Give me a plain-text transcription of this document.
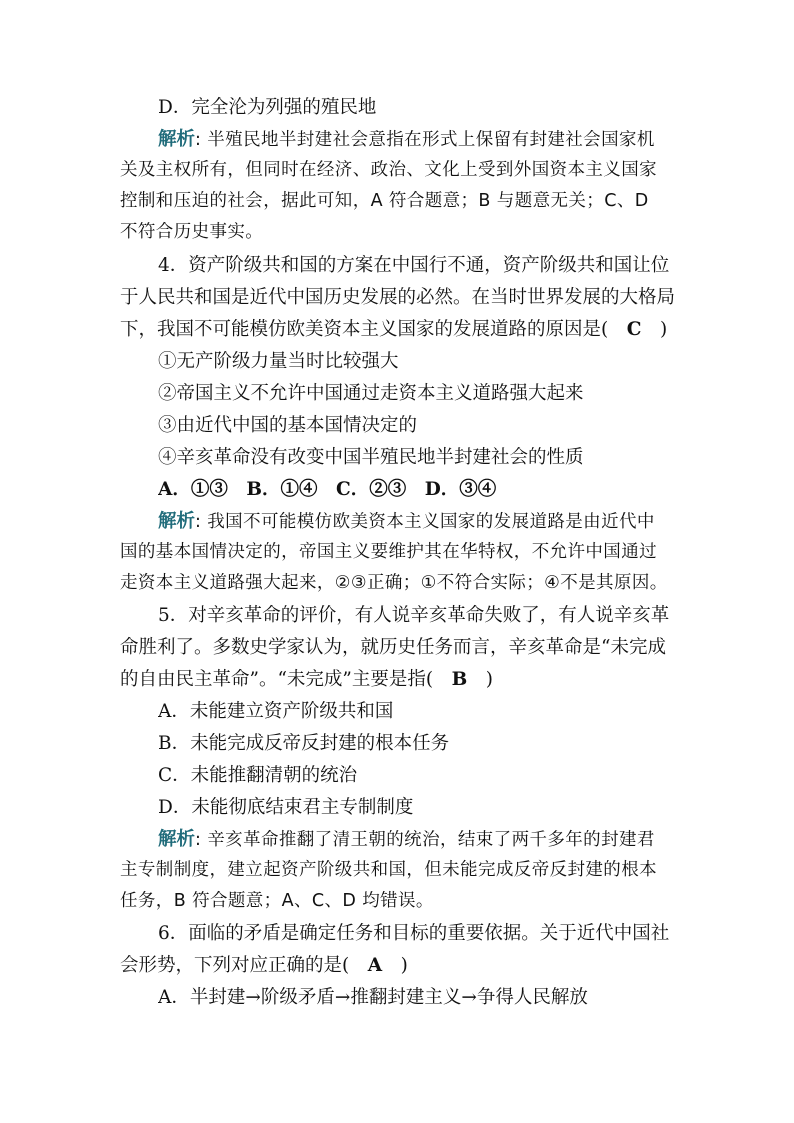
D．完全沦为列强的殖民地
解析: 半殖民地半封建社会意指在形式上保留有封建社会国家机
关及主权所有，但同时在经济、政治、文化上受到外国资本主义国家
控制和压迫的社会，据此可知，A 符合题意；B 与题意无关；C、D
不符合历史事实。
4．资产阶级共和国的方案在中国行不通，资产阶级共和国让位
于人民共和国是近代中国历史发展的必然。在当时世界发展的大格局
下，我国不可能模仿欧美资本主义国家的发展道路的原因是(　C　)
①无产阶级力量当时比较强大
②帝国主义不允许中国通过走资本主义道路强大起来
③由近代中国的基本国情决定的
④辛亥革命没有改变中国半殖民地半封建社会的性质
A．①③　B．①④　C．②③　D．③④
解析: 我国不可能模仿欧美资本主义国家的发展道路是由近代中
国的基本国情决定的，帝国主义要维护其在华特权，不允许中国通过
走资本主义道路强大起来，②③正确；①不符合实际；④不是其原因。
5．对辛亥革命的评价，有人说辛亥革命失败了，有人说辛亥革
命胜利了。多数史学家认为，就历史任务而言，辛亥革命是“未完成
的自由民主革命”。“未完成”主要是指(　B　)
A．未能建立资产阶级共和国
B．未能完成反帝反封建的根本任务
C．未能推翻清朝的统治
D．未能彻底结束君主专制制度
解析: 辛亥革命推翻了清王朝的统治，结束了两千多年的封建君
主专制制度，建立起资产阶级共和国，但未能完成反帝反封建的根本
任务，B 符合题意；A、C、D 均错误。
6．面临的矛盾是确定任务和目标的重要依据。关于近代中国社
会形势，下列对应正确的是(　A　)
A．半封建→阶级矛盾→推翻封建主义→争得人民解放
